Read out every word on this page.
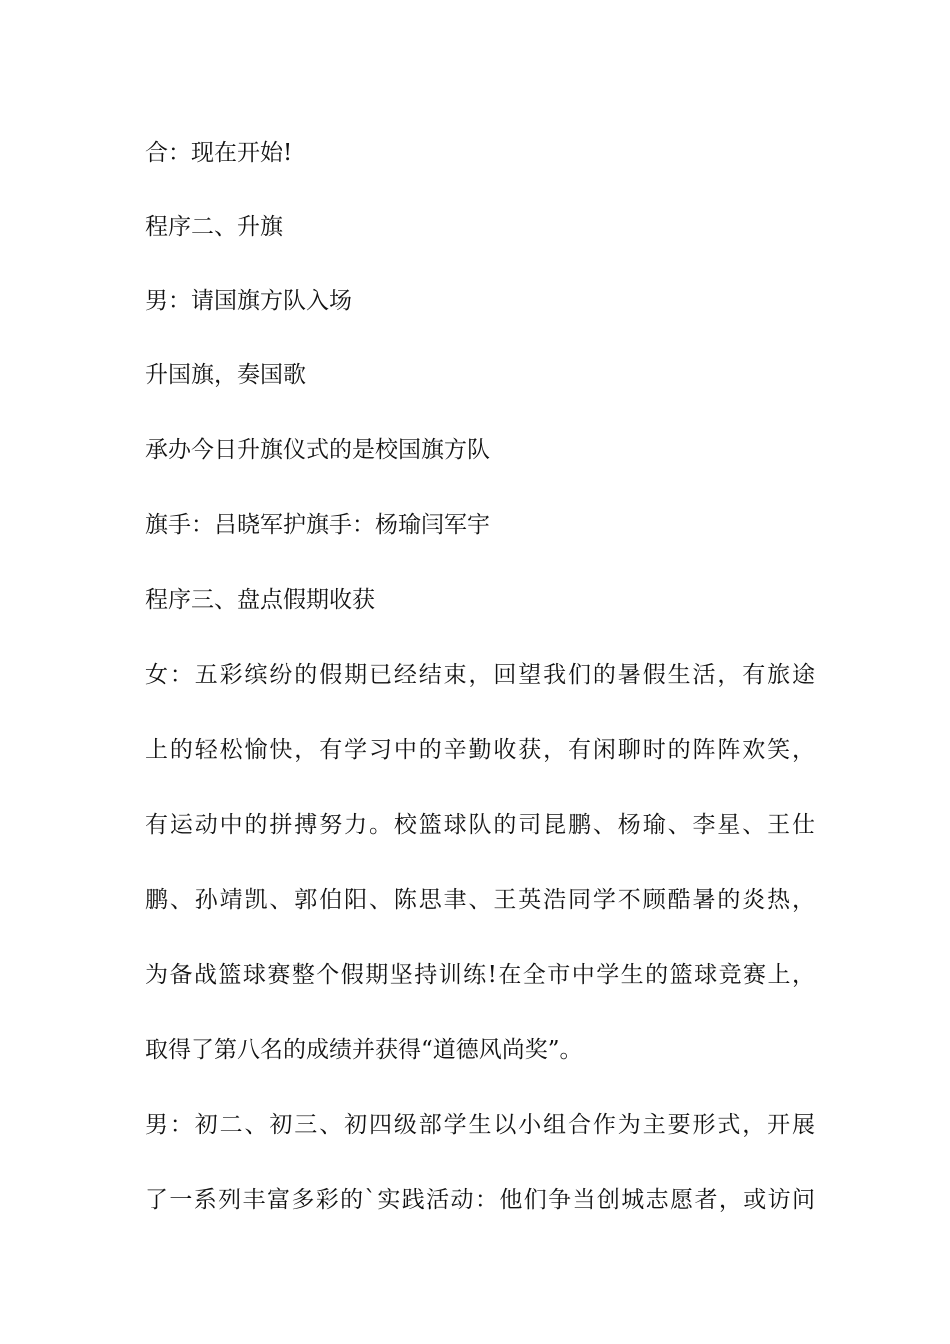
合：现在开始!

程序二、升旗

男：请国旗方队入场

升国旗，奏国歌

承办今日升旗仪式的是校国旗方队

旗手：吕晓军护旗手：杨瑜闫军宇

程序三、盘点假期收获

女：五彩缤纷的假期已经结束，回望我们的暑假生活，有旅途

上的轻松愉快，有学习中的辛勤收获，有闲聊时的阵阵欢笑，

有运动中的拼搏努力。校篮球队的司昆鹏、杨瑜、李星、王仕

鹏、孙靖凯、郭伯阳、陈思聿、王英浩同学不顾酷暑的炎热，

为备战篮球赛整个假期坚持训练!在全市中学生的篮球竞赛上，

取得了第八名的成绩并获得“道德风尚奖”。

男：初二、初三、初四级部学生以小组合作为主要形式，开展

了一系列丰富多彩的`实践活动：他们争当创城志愿者，或访问
